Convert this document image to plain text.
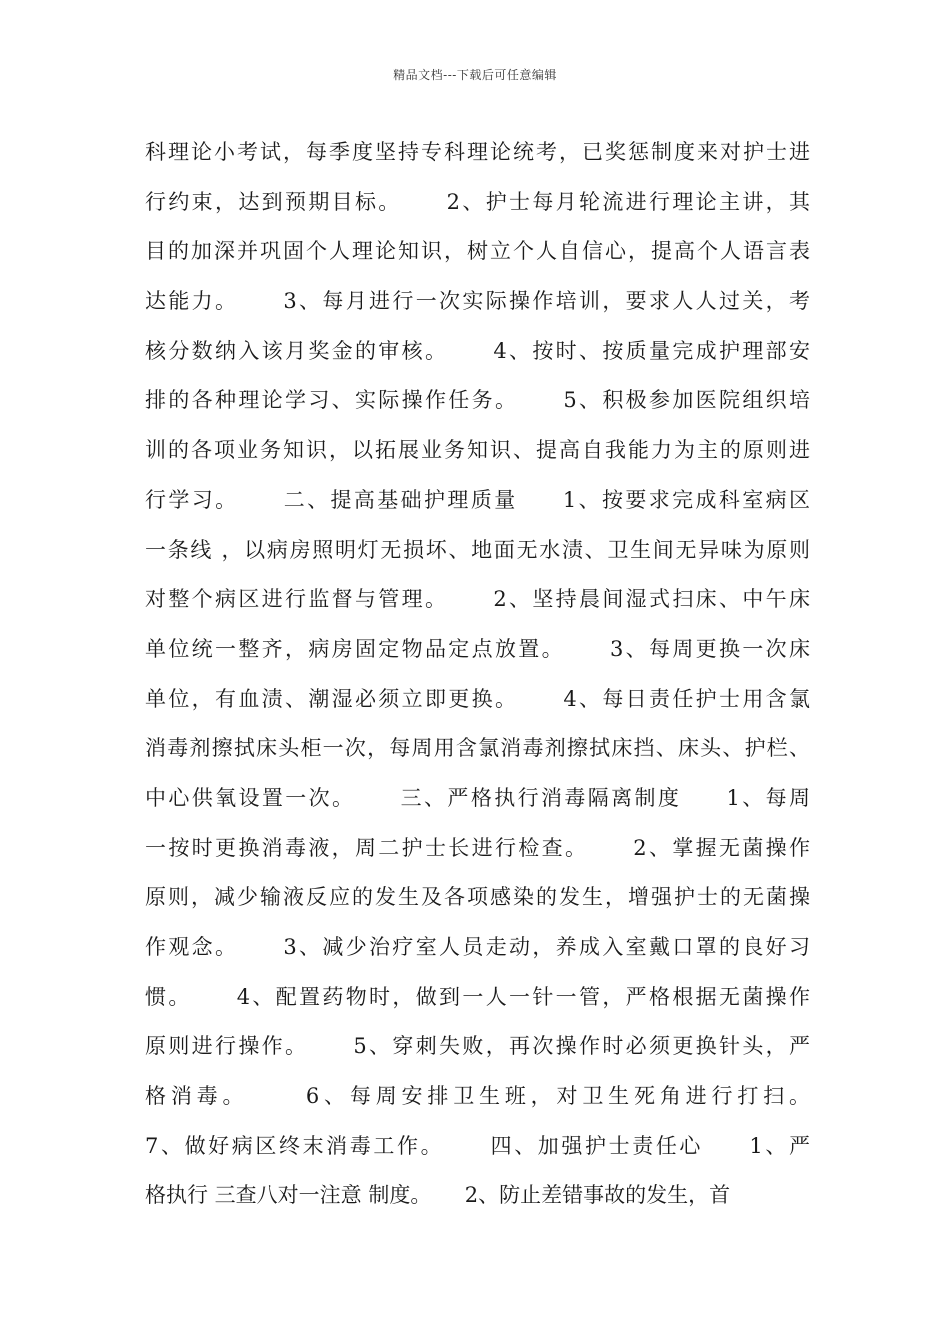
精品文档---下载后可任意编辑
科理论小考试，每季度坚持专科理论统考，已奖惩制度来对护士进
行约束，达到预期目标。     2、护士每月轮流进行理论主讲，其
目的加深并巩固个人理论知识，树立个人自信心，提高个人语言表
达能力。     3、每月进行一次实际操作培训，要求人人过关，考
核分数纳入该月奖金的审核。     4、按时、按质量完成护理部安
排的各种理论学习、实际操作任务。     5、积极参加医院组织培
训的各项业务知识，以拓展业务知识、提高自我能力为主的原则进
行学习。     二、提高基础护理质量     1、按要求完成科室病区
一条线 ，以病房照明灯无损坏、地面无水渍、卫生间无异味为原则
对整个病区进行监督与管理。     2、坚持晨间湿式扫床、中午床
单位统一整齐，病房固定物品定点放置。     3、每周更换一次床
单位，有血渍、潮湿必须立即更换。     4、每日责任护士用含氯
消毒剂擦拭床头柜一次，每周用含氯消毒剂擦拭床挡、床头、护栏、
中心供氧设置一次。     三、严格执行消毒隔离制度     1、每周
一按时更换消毒液，周二护士长进行检查。     2、掌握无菌操作
原则，减少输液反应的发生及各项感染的发生，增强护士的无菌操
作观念。     3、减少治疗室人员走动，养成入室戴口罩的良好习
惯。     4、配置药物时，做到一人一针一管，严格根据无菌操作
原则进行操作。     5、穿刺失败，再次操作时必须更换针头，严
格消毒。     6、每周安排卫生班，对卫生死角进行打扫。
7、做好病区终末消毒工作。     四、加强护士责任心     1、严
格执行 三查八对一注意 制度。     2、防止差错事故的发生，首
